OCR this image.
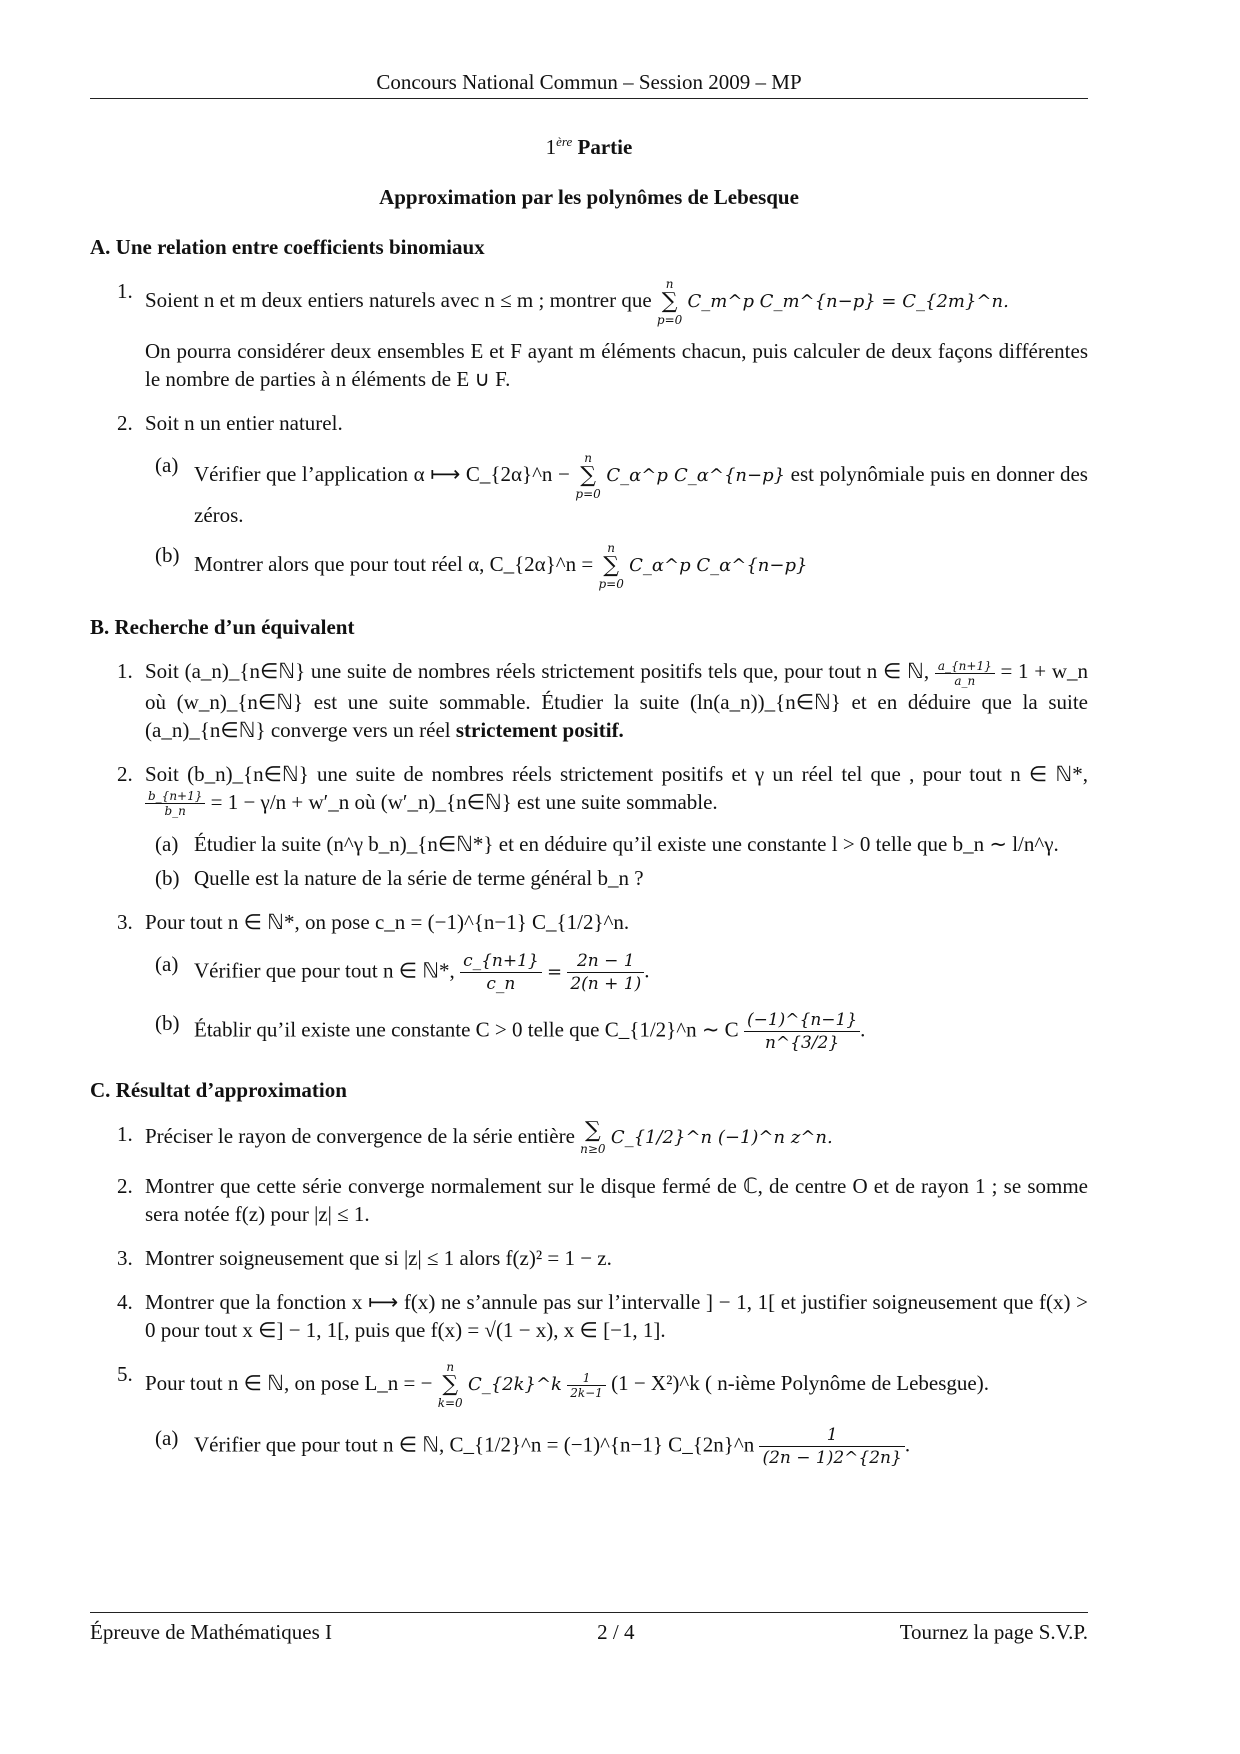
Concours National Commun – Session 2009 – MP

1ère Partie

Approximation par les polynômes de Lebesque

A. Une relation entre coefficients binomiaux

1. Soient n et m deux entiers naturels avec n ≤ m ; montrer que n
∑
p=0 C_m^p C_m^{n−p} = C_{2m}^n.

On pourra considérer deux ensembles E et F ayant m éléments chacun, puis calculer de deux façons différentes le nombre de parties à n éléments de E ∪ F.

2. Soit n un entier naturel.
(a) Vérifier que l’application α ⟼ C_{2α}^n − n
∑
p=0 C_α^p C_α^{n−p} est polynômiale puis en donner des zéros.
(b) Montrer alors que pour tout réel α, C_{2α}^n = n
∑
p=0 C_α^p C_α^{n−p}

B. Recherche d’un équivalent

1. Soit (a_n)_{n∈ℕ} une suite de nombres réels strictement positifs tels que, pour tout n ∈ ℕ, $\frac{a\_\{n+1\}}{a\_n} = 1$ + w_n où (w_n)_{n∈ℕ} est une suite sommable. Étudier la suite (ln(a_n))_{n∈ℕ} et en déduire que la suite (a_n)_{n∈ℕ} converge vers un réel strictement positif.
2. Soit (b_n)_{n∈ℕ} une suite de nombres réels strictement positifs et γ un réel tel que , pour tout n ∈ ℕ*,
$\frac{b\_\{n+1\}}{b\_n} = 1 - \gamma/n$ + w′_n où (w′_n)_{n∈ℕ} est une suite sommable.
(a) Étudier la suite (n^γ b_n)_{n∈ℕ*} et en déduire qu’il existe une constante l > 0 telle que b_n ∼ l/n^γ.
(b) Quelle est la nature de la série de terme général b_n ?
3. Pour tout n ∈ ℕ*, on pose c_n = (−1)^{n−1} C_{1/2}^n.
(a) Vérifier que pour tout n ∈ ℕ*, $\frac{c\_\{n+1\}}{c\_n} = \frac{2n - 1}{2(n + 1)}$ .
(b) Établir qu’il existe une constante C > 0 telle que C_{1/2}^n ∼ C $\frac{(-1)\^{}\{n-1\}}{n\^{}\{3/2\}}$ .

C. Résultat d’approximation

1. Préciser le rayon de convergence de la série entière ∑
n≥0 C_{1/2}^n (−1)^n z^n.
2. Montrer que cette série converge normalement sur le disque fermé de ℂ, de centre O et de rayon 1 ; se somme sera notée f(z) pour |z| ≤ 1.
3. Montrer soigneusement que si |z| ≤ 1 alors f(z)² = 1 − z.
4. Montrer que la fonction x ⟼ f(x) ne s’annule pas sur l’intervalle ] − 1, 1[ et justifier soigneusement que f(x) > 0 pour tout x ∈] − 1, 1[, puis que f(x) = √(1 − x), x ∈ [−1, 1].
5. Pour tout n ∈ ℕ, on pose L_n = − n
∑
k=0 C_{2k}^k $\frac{1}{2k-1} (1$ − X²)^k ( n-ième Polynôme de Lebesgue).
(a) Vérifier que pour tout n ∈ ℕ, C_{1/2}^n = (−1)^{n−1} C_{2n}^n $\frac{1}{(2n - 1)2\^{}\{2n\}}$ .
Épreuve de Mathématiques I	2 / 4	Tournez la page S.V.P.
